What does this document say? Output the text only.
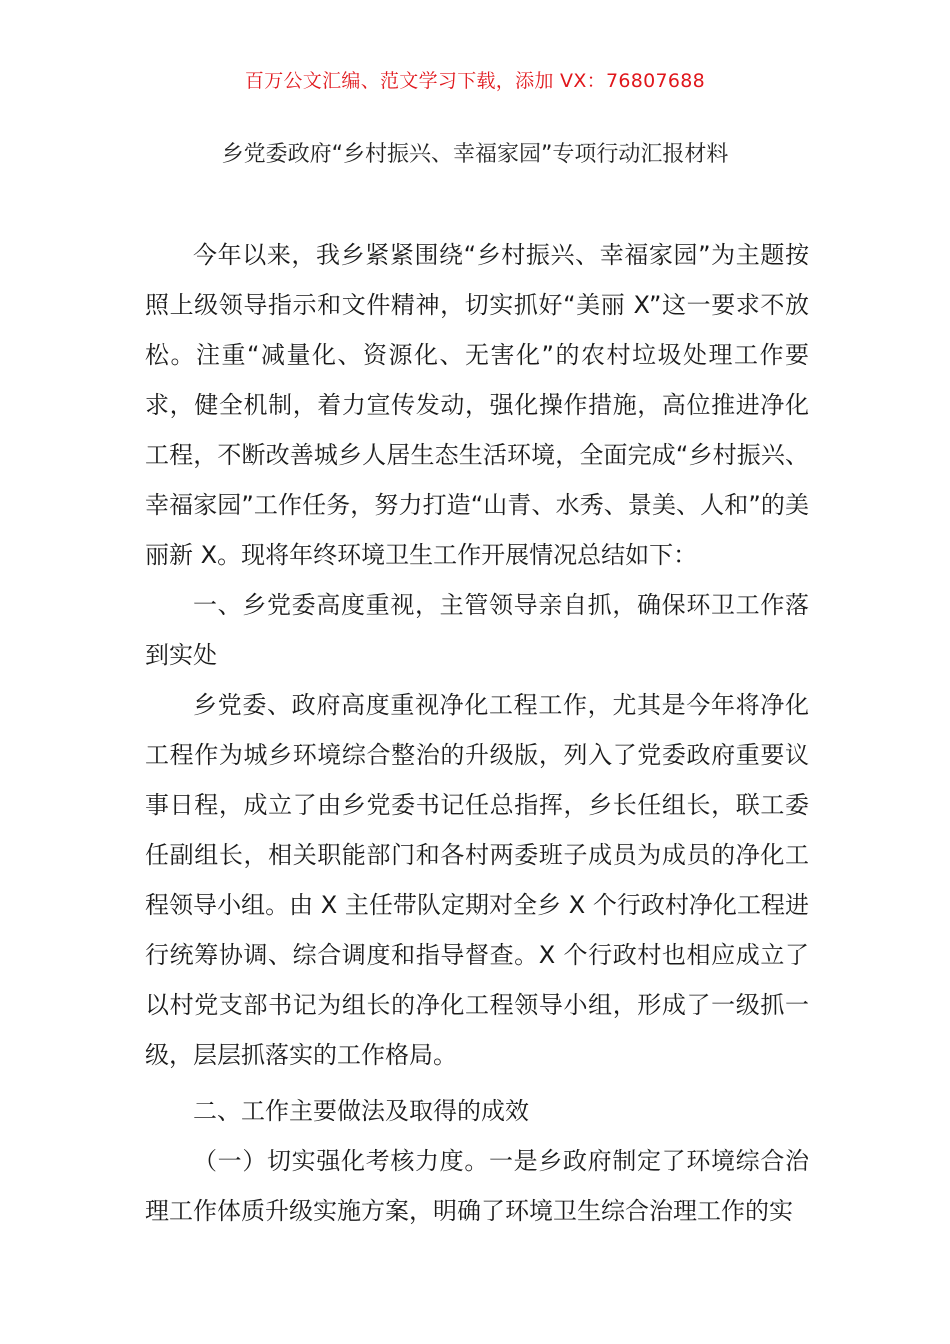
百万公文汇编、范文学习下载，添加 VX：76807688
乡党委政府“乡村振兴、幸福家园”专项行动汇报材料

今年以来，我乡紧紧围绕“乡村振兴、幸福家园”为主题按照上级领导指示和文件精神，切实抓好“美丽 X”这一要求不放松。注重“减量化、资源化、无害化”的农村垃圾处理工作要求，健全机制，着力宣传发动，强化操作措施，高位推进净化工程，不断改善城乡人居生态生活环境，全面完成“乡村振兴、幸福家园”工作任务，努力打造“山青、水秀、景美、人和”的美丽新 X。现将年终环境卫生工作开展情况总结如下：

一、乡党委高度重视，主管领导亲自抓，确保环卫工作落到实处

乡党委、政府高度重视净化工程工作，尤其是今年将净化工程作为城乡环境综合整治的升级版，列入了党委政府重要议事日程，成立了由乡党委书记任总指挥，乡长任组长，联工委任副组长，相关职能部门和各村两委班子成员为成员的净化工程领导小组。由 X 主任带队定期对全乡 X 个行政村净化工程进行统筹协调、综合调度和指导督查。X 个行政村也相应成立了以村党支部书记为组长的净化工程领导小组，形成了一级抓一级，层层抓落实的工作格局。

二、工作主要做法及取得的成效

（一）切实强化考核力度。一是乡政府制定了环境综合治理工作体质升级实施方案，明确了环境卫生综合治理工作的实
